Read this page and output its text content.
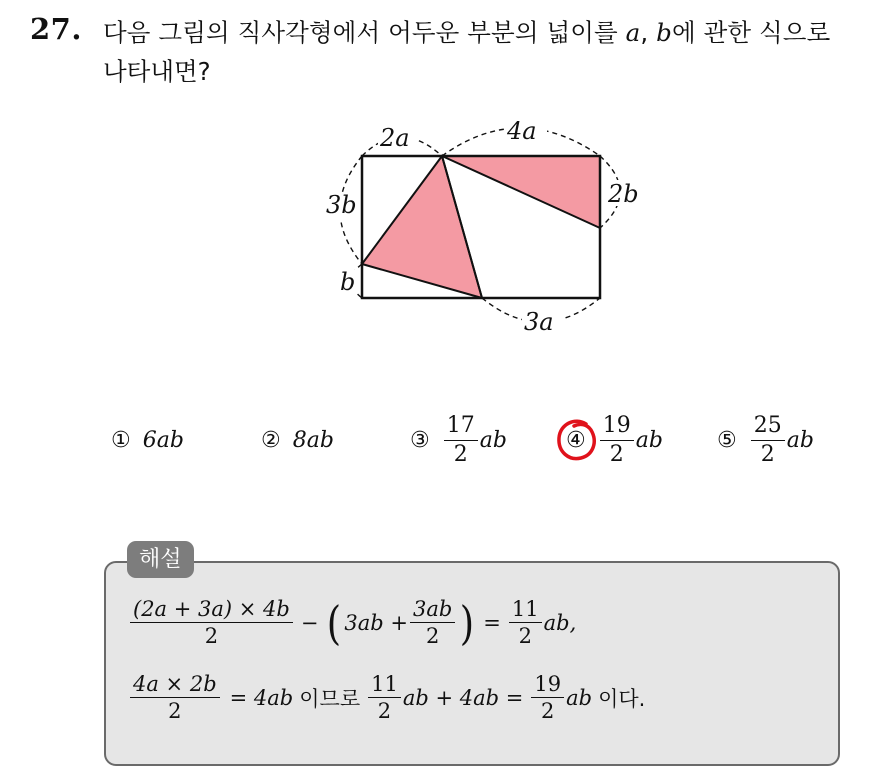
27. 다음 그림의 직사각형에서 어두운 부분의 넓이를 a, b에 관한 식으로
나타내면?
2a	4a
3b
b
2b
3a
① 6ab	② 8ab	③ $\frac{17}{2}$ ab	④ $\frac{19}{2}$ ab ⑤ $\frac{25}{2}$ ab
해설
$\frac{(2a + 3a) \times 4b}{2}$ − ( $3ab + \frac{3ab}{2}$ ) = $\frac{11}{2}$ ab,
$\frac{4a \times 2b}{2} = 4ab$ 이므로 $\frac{11}{2}$ ab + $4ab = \frac{19}{2}$ ab 이다.
